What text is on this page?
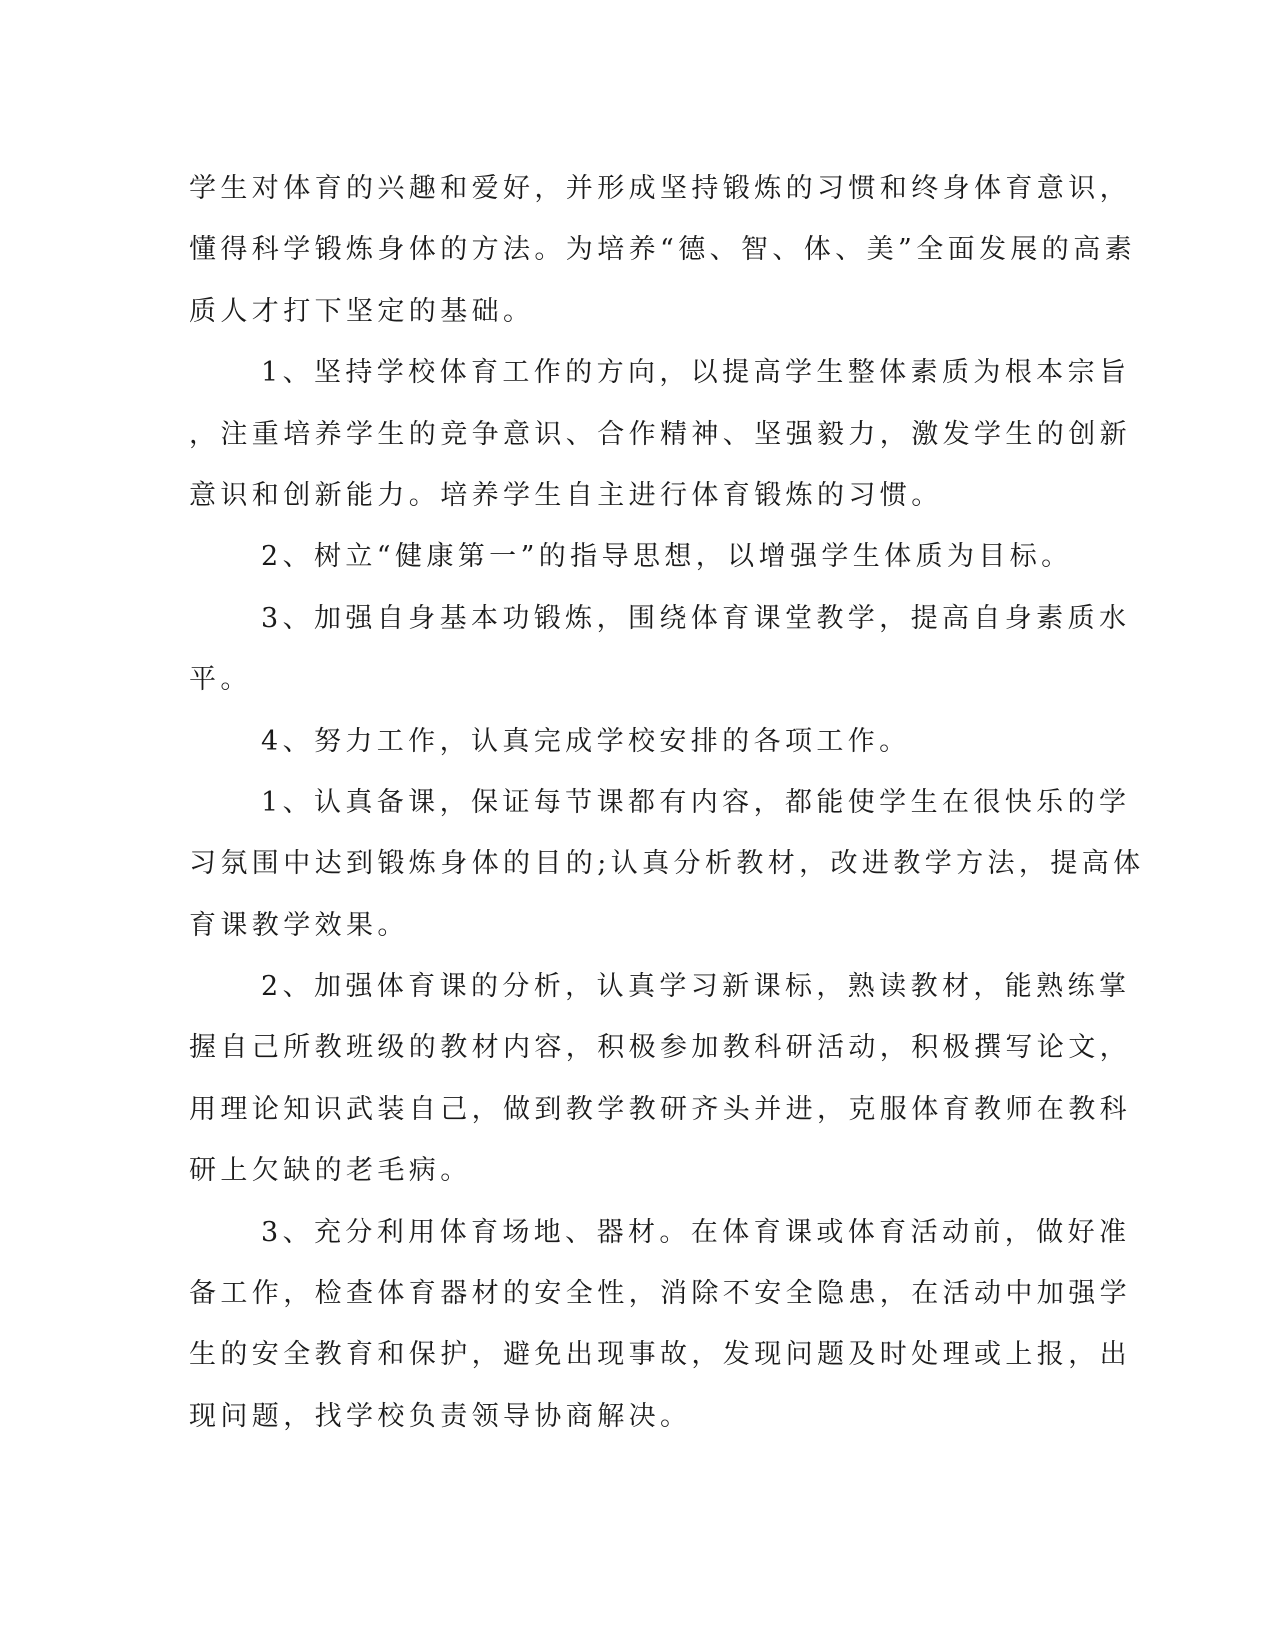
学生对体育的兴趣和爱好，并形成坚持锻炼的习惯和终身体育意识，

懂得科学锻炼身体的方法。为培养“德、智、体、美”全面发展的高素

质人才打下坚定的基础。

1、坚持学校体育工作的方向，以提高学生整体素质为根本宗旨

，注重培养学生的竞争意识、合作精神、坚强毅力，激发学生的创新

意识和创新能力。培养学生自主进行体育锻炼的习惯。

2、树立“健康第一”的指导思想，以增强学生体质为目标。

3、加强自身基本功锻炼，围绕体育课堂教学，提高自身素质水

平。

4、努力工作，认真完成学校安排的各项工作。

1、认真备课，保证每节课都有内容，都能使学生在很快乐的学

习氛围中达到锻炼身体的目的;认真分析教材，改进教学方法，提高体

育课教学效果。

2、加强体育课的分析，认真学习新课标，熟读教材，能熟练掌

握自己所教班级的教材内容，积极参加教科研活动，积极撰写论文，

用理论知识武装自己，做到教学教研齐头并进，克服体育教师在教科

研上欠缺的老毛病。

3、充分利用体育场地、器材。在体育课或体育活动前，做好准

备工作，检查体育器材的安全性，消除不安全隐患，在活动中加强学

生的安全教育和保护，避免出现事故，发现问题及时处理或上报，出

现问题，找学校负责领导协商解决。
